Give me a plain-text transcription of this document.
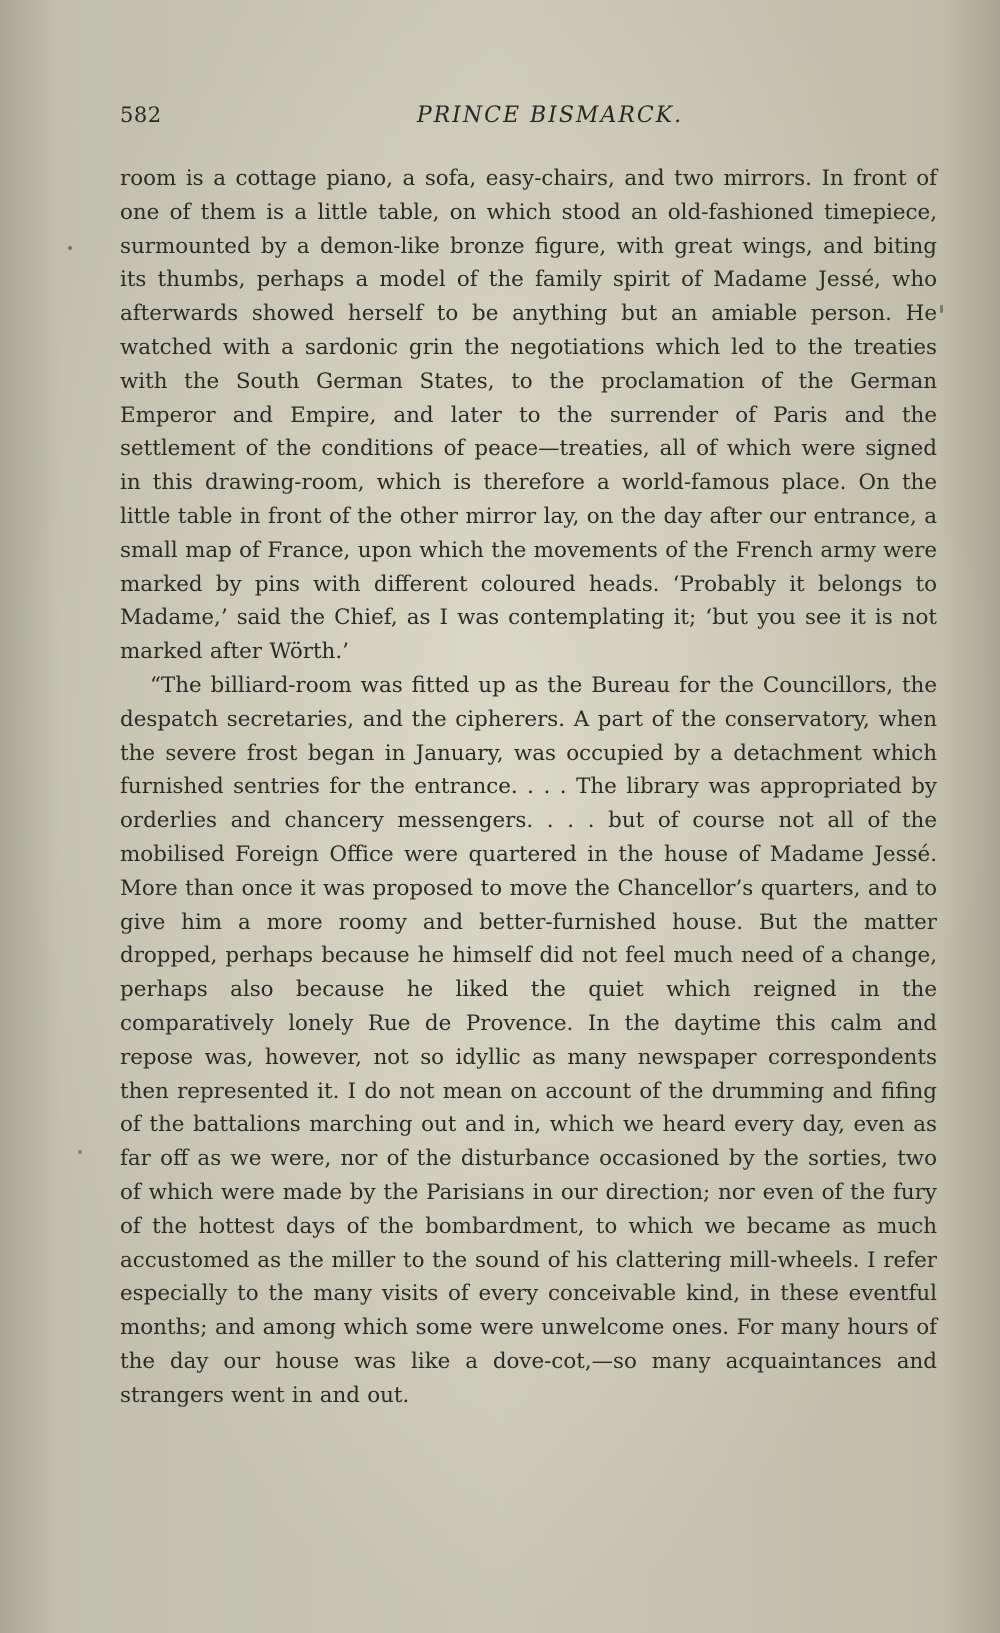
582	PRINCE BISMARCK.

room is a cottage piano, a sofa, easy-chairs, and two mirrors. In front of one of them is a little table, on which stood an old-fashioned timepiece, surmounted by a demon-like bronze figure, with great wings, and biting its thumbs, perhaps a model of the family spirit of Madame Jessé, who afterwards showed herself to be anything but an amiable person. He watched with a sardonic grin the negotiations which led to the treaties with the South German States, to the proclamation of the German Emperor and Empire, and later to the surrender of Paris and the settlement of the conditions of peace—treaties, all of which were signed in this drawing-room, which is therefore a world-famous place. On the little table in front of the other mirror lay, on the day after our entrance, a small map of France, upon which the movements of the French army were marked by pins with different coloured heads. ‘Probably it belongs to Madame,’ said the Chief, as I was contemplating it; ‘but you see it is not marked after Wörth.’

“The billiard-room was fitted up as the Bureau for the Councillors, the despatch secretaries, and the cipherers. A part of the conservatory, when the severe frost began in January, was occupied by a detachment which furnished sentries for the entrance. . . . The library was appropriated by orderlies and chancery messengers. . . . but of course not all of the mobilised Foreign Office were quartered in the house of Madame Jessé. More than once it was proposed to move the Chancellor’s quarters, and to give him a more roomy and better-furnished house. But the matter dropped, perhaps because he himself did not feel much need of a change, perhaps also because he liked the quiet which reigned in the comparatively lonely Rue de Provence. In the daytime this calm and repose was, however, not so idyllic as many newspaper correspondents then represented it. I do not mean on account of the drumming and fifing of the battalions marching out and in, which we heard every day, even as far off as we were, nor of the disturbance occasioned by the sorties, two of which were made by the Parisians in our direction; nor even of the fury of the hottest days of the bombardment, to which we became as much accustomed as the miller to the sound of his clattering mill-wheels. I refer especially to the many visits of every conceivable kind, in these eventful months; and among which some were unwelcome ones. For many hours of the day our house was like a dove-cot,—so many acquaintances and strangers went in and out.
